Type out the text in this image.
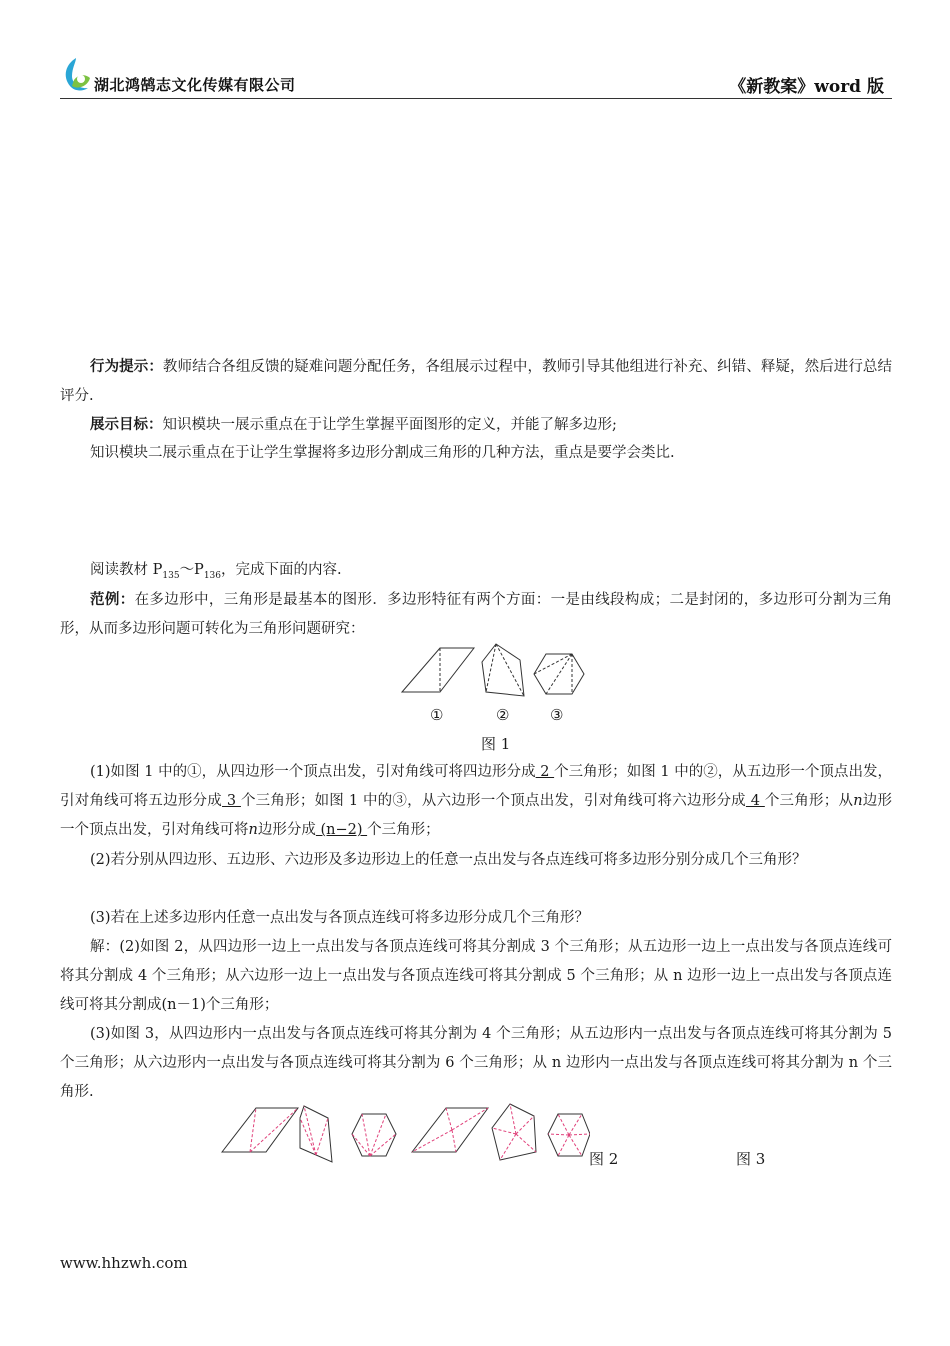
湖北鸿鹄志文化传媒有限公司	《新教案》word 版

行为提示：教师结合各组反馈的疑难问题分配任务，各组展示过程中，教师引导其他组进行补充、纠错、释疑，然后进行总结评分.

展示目标：知识模块一展示重点在于让学生掌握平面图形的定义，并能了解多边形;

知识模块二展示重点在于让学生掌握将多边形分割成三角形的几种方法，重点是要学会类比.

阅读教材 $P_{135}\sim P_{136}$，完成下面的内容.

范例：在多边形中，三角形是最基本的图形．多边形特征有两个方面：一是由线段构成；二是封闭的，多边形可分割为三角形，从而多边形问题可转化为三角形问题研究：

①	②	③
图 1

(1)如图 1 中的①，从四边形一个顶点出发，引对角线可将四边形分成 2 个三角形；如图 1 中的②，从五边形一个顶点出发，引对角线可将五边形分成 3 个三角形；如图 1 中的③，从六边形一个顶点出发，引对角线可将六边形分成 4 个三角形；从n边形一个顶点出发，引对角线可将n边形分成 (n−2) 个三角形；

(2)若分别从四边形、五边形、六边形及多边形边上的任意一点出发与各点连线可将多边形分别分成几个三角形？

(3)若在上述多边形内任意一点出发与各顶点连线可将多边形分成几个三角形？

解：(2)如图 2，从四边形一边上一点出发与各顶点连线可将其分割成 3 个三角形；从五边形一边上一点出发与各顶点连线可将其分割成 4 个三角形；从六边形一边上一点出发与各顶点连线可将其分割成 5 个三角形；从 n 边形一边上一点出发与各顶点连线可将其分割成(n－1)个三角形；

(3)如图 3，从四边形内一点出发与各顶点连线可将其分割为 4 个三角形；从五边形内一点出发与各顶点连线可将其分割为 5 个三角形；从六边形内一点出发与各顶点连线可将其分割为 6 个三角形；从 n 边形内一点出发与各顶点连线可将其分割为 n 个三角形.

图 2	图 3
www.hhzwh.com
